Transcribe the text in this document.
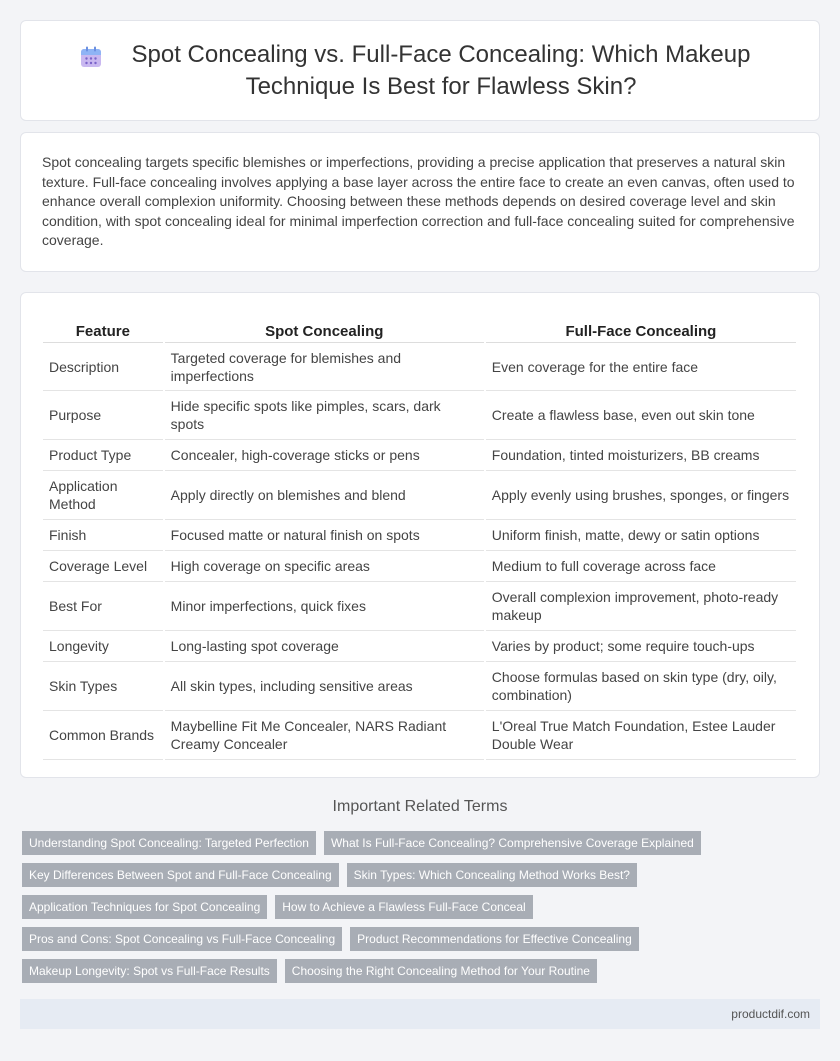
Spot Concealing vs. Full-Face Concealing: Which Makeup Technique Is Best for Flawless Skin?

Spot concealing targets specific blemishes or imperfections, providing a precise application that preserves a natural skin texture. Full-face concealing involves applying a base layer across the entire face to create an even canvas, often used to enhance overall complexion uniformity. Choosing between these methods depends on desired coverage level and skin condition, with spot concealing ideal for minimal imperfection correction and full-face concealing suited for comprehensive coverage.

Feature	Spot Concealing	Full-Face Concealing
Description	Targeted coverage for blemishes and imperfections	Even coverage for the entire face
Purpose	Hide specific spots like pimples, scars, dark spots	Create a flawless base, even out skin tone
Product Type	Concealer, high-coverage sticks or pens	Foundation, tinted moisturizers, BB creams
Application Method	Apply directly on blemishes and blend	Apply evenly using brushes, sponges, or fingers
Finish	Focused matte or natural finish on spots	Uniform finish, matte, dewy or satin options
Coverage Level	High coverage on specific areas	Medium to full coverage across face
Best For	Minor imperfections, quick fixes	Overall complexion improvement, photo-ready makeup
Longevity	Long-lasting spot coverage	Varies by product; some require touch-ups
Skin Types	All skin types, including sensitive areas	Choose formulas based on skin type (dry, oily, combination)
Common Brands	Maybelline Fit Me Concealer, NARS Radiant Creamy Concealer	L'Oreal True Match Foundation, Estee Lauder Double Wear
Important Related Terms
Understanding Spot Concealing: Targeted Perfection	What Is Full-Face Concealing? Comprehensive Coverage Explained
Key Differences Between Spot and Full-Face Concealing	Skin Types: Which Concealing Method Works Best?
Application Techniques for Spot Concealing	How to Achieve a Flawless Full-Face Conceal
Pros and Cons: Spot Concealing vs Full-Face Concealing	Product Recommendations for Effective Concealing
Makeup Longevity: Spot vs Full-Face Results	Choosing the Right Concealing Method for Your Routine
productdif.com
